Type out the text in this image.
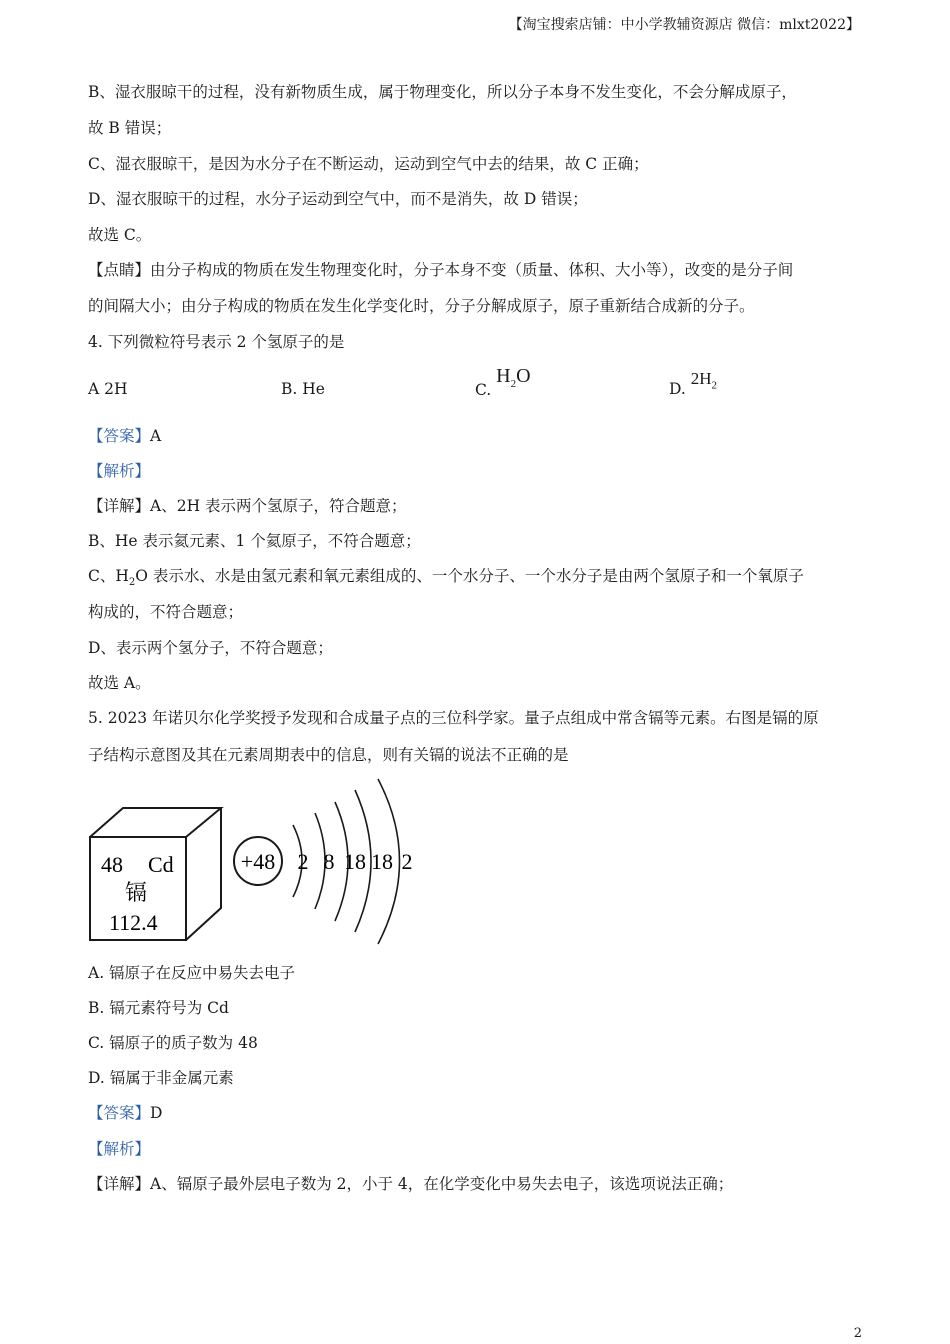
【淘宝搜索店铺：中小学教辅资源店 微信：mlxt2022】
B、湿衣服晾干的过程，没有新物质生成，属于物理变化，所以分子本身不发生变化，不会分解成原子，
故 B 错误；
C、湿衣服晾干，是因为水分子在不断运动，运动到空气中去的结果，故 C 正确；
D、湿衣服晾干的过程，水分子运动到空气中，而不是消失，故 D 错误；
故选 C。
【点睛】由分子构成的物质在发生物理变化时，分子本身不变（质量、体积、大小等），改变的是分子间
的间隔大小；由分子构成的物质在发生化学变化时，分子分解成原子，原子重新结合成新的分子。
4. 下列微粒符号表示 2 个氢原子的是
A 2H	B. He	C. $H_2O$
D. $2H_2$
【答案】A
【解析】
【详解】A、2H 表示两个氢原子，符合题意；
B、He 表示氦元素、1 个氦原子，不符合题意；
C、$H_2O$ 表示水、水是由氢元素和氧元素组成的、一个水分子、一个水分子是由两个氢原子和一个氧原子
构成的，不符合题意；
D、表示两个氢分子，不符合题意；
故选 A。
5. 2023 年诺贝尔化学奖授予发现和合成量子点的三位科学家。量子点组成中常含镉等元素。右图是镉的原
子结构示意图及其在元素周期表中的信息，则有关镉的说法不正确的是
48 Cd
镉
112.4
+48 2 8 18 18 2
A. 镉原子在反应中易失去电子
B. 镉元素符号为 Cd
C. 镉原子的质子数为 48
D. 镉属于非金属元素
【答案】D
【解析】
【详解】A、镉原子最外层电子数为 2，小于 4，在化学变化中易失去电子，该选项说法正确；
2
